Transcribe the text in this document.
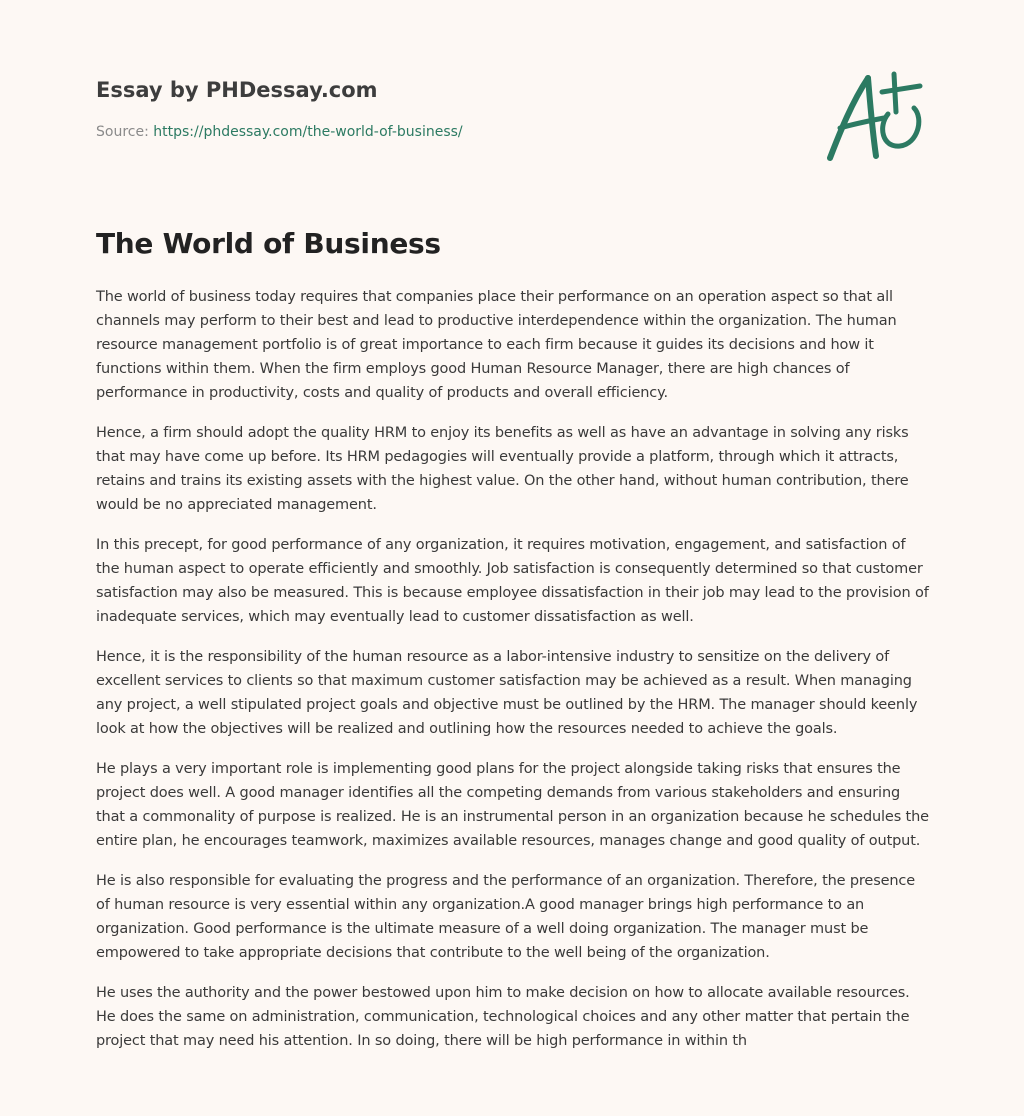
Essay by PHDessay.com
Source: https://phdessay.com/the-world-of-business/
The World of Business

The world of business today requires that companies place their performance on an operation aspect so that all channels may perform to their best and lead to productive interdependence within the organization. The human resource management portfolio is of great importance to each firm because it guides its decisions and how it functions within them. When the firm employs good Human Resource Manager, there are high chances of performance in productivity, costs and quality of products and overall efficiency.

Hence, a firm should adopt the quality HRM to enjoy its benefits as well as have an advantage in solving any risks that may have come up before. Its HRM pedagogies will eventually provide a platform, through which it attracts, retains and trains its existing assets with the highest value. On the other hand, without human contribution, there would be no appreciated management.

In this precept, for good performance of any organization, it requires motivation, engagement, and satisfaction of the human aspect to operate efficiently and smoothly. Job satisfaction is consequently determined so that customer satisfaction may also be measured. This is because employee dissatisfaction in their job may lead to the provision of inadequate services, which may eventually lead to customer dissatisfaction as well.

Hence, it is the responsibility of the human resource as a labor-intensive industry to sensitize on the delivery of excellent services to clients so that maximum customer satisfaction may be achieved as a result. When managing any project, a well stipulated project goals and objective must be outlined by the HRM. The manager should keenly look at how the objectives will be realized and outlining how the resources needed to achieve the goals.

He plays a very important role is implementing good plans for the project alongside taking risks that ensures the project does well. A good manager identifies all the competing demands from various stakeholders and ensuring that a commonality of purpose is realized. He is an instrumental person in an organization because he schedules the entire plan, he encourages teamwork, maximizes available resources, manages change and good quality of output.

He is also responsible for evaluating the progress and the performance of an organization. Therefore, the presence of human resource is very essential within any organization.A good manager brings high performance to an organization. Good performance is the ultimate measure of a well doing organization. The manager must be empowered to take appropriate decisions that contribute to the well being of the organization.

He uses the authority and the power bestowed upon him to make decision on how to allocate available resources. He does the same on administration, communication, technological choices and any other matter that pertain the project that may need his attention. In so doing, there will be high performance in within th
